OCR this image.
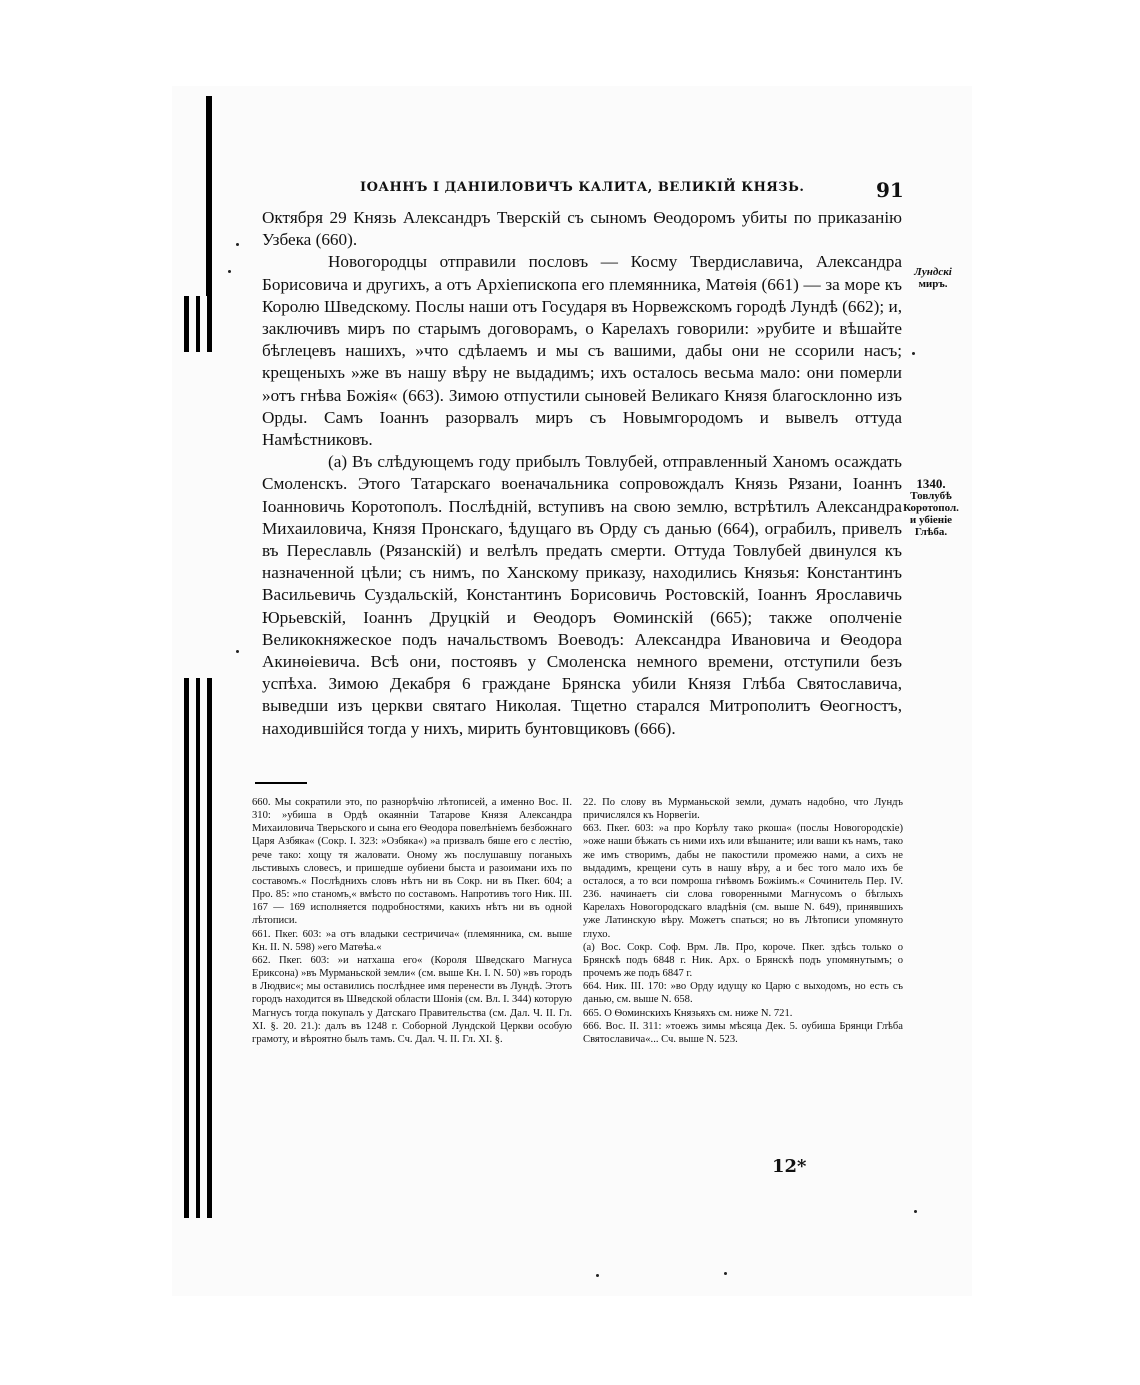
ІОАННЪ І ДАНІИЛОВИЧЪ КАЛИТА, ВЕЛИКІЙ КНЯЗЬ.	91

Октября 29 Князь Александръ Тверскій съ сыномъ Ѳеодоромъ убиты по приказанію Узбека (660).

Новогородцы отправили пословъ — Косму Твердиславича, Александра Борисовича и другихъ, а отъ Архіепископа его племянника, Матѳія (661) — за море къ Королю Шведскому. Послы наши отъ Государя въ Норвежскомъ городѣ Лундѣ (662); и, заключивъ миръ по старымъ договорамъ, о Карелахъ говорили: »рубите и вѣшайте бѣглецевъ нашихъ, »что сдѣлаемъ и мы съ вашими, дабы они не ссорили насъ; крещеныхъ »же въ нашу вѣру не выдадимъ; ихъ осталось весьма мало: они померли »отъ гнѣва Божія« (663). Зимою отпустили сыновей Великаго Князя благосклонно изъ Орды. Самъ Іоаннъ разорвалъ миръ съ Новымгородомъ и вывелъ оттуда Намѣстниковъ.

(а) Въ слѣдующемъ году прибылъ Товлубей, отправленный Ханомъ осаждать Смоленскъ. Этого Татарскаго военачальника сопровождалъ Князь Рязани, Іоаннъ Іоанновичь Коротополъ. Послѣдній, вступивъ на свою землю, встрѣтилъ Александра Михаиловича, Князя Пронскаго, ѣдущаго въ Орду съ данью (664), ограбилъ, привелъ въ Переславль (Рязанскій) и велѣлъ предать смерти. Оттуда Товлубей двинулся къ назначенной цѣли; съ нимъ, по Ханскому приказу, находились Князья: Константинъ Васильевичь Суздальскій, Константинъ Борисовичь Ростовскій, Іоаннъ Ярославичь Юрьевскій, Іоаннъ Друцкій и Ѳеодоръ Ѳоминскій (665); также ополченіе Великокняжеское подъ начальствомъ Воеводъ: Александра Ивановича и Ѳеодора Акинѳіевича. Всѣ они, постоявъ у Смоленска немного времени, отступили безъ успѣха. Зимою Декабря 6 граждане Брянска убили Князя Глѣба Святославича, выведши изъ церкви святаго Николая. Тщетно старался Митрополитъ Ѳеогностъ, находившійся тогда у нихъ, мирить бунтовщиковъ (666).

Лундскі
миръ.
1340.
Товлубѣ
Коротопол.
и убіеніе
Глѣба.

660. Мы сократили это, по разнорѣчію лѣтописей, а именно Вос. II. 310: »убиша в Ордѣ окаянніи Татарове Князя Александра Михаиловича Тверьского и сына его Ѳеодора повелѣніемъ безбожнаго Царя Азбяка« (Сокр. І. 323: »Озбяка«) »а призвалъ бяше его с лестію, рече тако: хощу тя жаловати. Оному жъ послушавшу поганыхъ льстивыхъ словесъ, и пришедше оубиени быста и разоимани ихъ по составомъ.« Послѣднихъ словъ нѣтъ ни въ Сокр. ни въ Пкег. 604; а Про. 85: »по станомъ,« вмѣсто по составомъ. Напротивъ того Ник. III. 167 — 169 исполняется подробностями, какихъ нѣтъ ни въ одной лѣтописи.

661. Пкег. 603: »а отъ владыки сестричича« (племянника, см. выше Кн. II. N. 598) »его Матѳѣа.«

662. Пкег. 603: »и натхаша его« (Короля Шведскаго Магнуса Ериксона) »въ Мурманьской земли« (см. выше Кн. I. N. 50) »въ городъ в Людвиc«; мы оставились послѣднее имя перенести въ Лундѣ. Этотъ городъ находится въ Шведской области Шонія (см. Вл. І. 344) которую Магнусъ тогда покупалъ у Датскаго Правительства (см. Дал. Ч. II. Гл. XI. §. 20. 21.): далъ въ 1248 г. Соборной Лундской Церкви особую грамоту, и вѣроятно былъ тамъ. Сч. Дал. Ч. II. Гл. XI. §.

22. По слову въ Мурманьской земли, думать надобно, что Лундъ причислялся къ Норвегіи.

663. Пкег. 603: »а про Корѣлу тако ркоша« (послы Новогородскіе) »оже наши бѣжать съ ними ихъ или вѣшаните; или ваши къ намъ, тако же имъ створимъ, дабы не пакостили промежю нами, а сихъ не выдадимъ, крещени суть в нашу вѣру, а и бес того мало ихъ бе осталося, а то вси помроша гнѣвомъ Божіимъ.« Сочинитель Пер. IV. 236. начинаетъ сіи слова говоренными Магнусомъ о бѣглыхъ Карелахъ Новогородскаго владѣнія (см. выше N. 649), принявшихъ уже Латинскую вѣру. Можетъ спаться; но въ Лѣтописи упомянуто глухо.

(а) Вос. Сокр. Соф. Врм. Лв. Про, короче. Пкег. здѣсь только о Брянскѣ подъ 6848 г. Ник. Арх. о Брянскѣ подъ упомянутымъ; о прочемъ же подъ 6847 г.

664. Ник. III. 170: »во Орду идущу ко Царю с выходомъ, но есть съ данью, см. выше N. 658.

665. О Ѳоминскихъ Князьяхъ см. ниже N. 721.

666. Вос. II. 311: »тоежъ зимы мѣсяца Дек. 5. оубиша Брянци Глѣба Святославича«... Сч. выше N. 523.

12*
